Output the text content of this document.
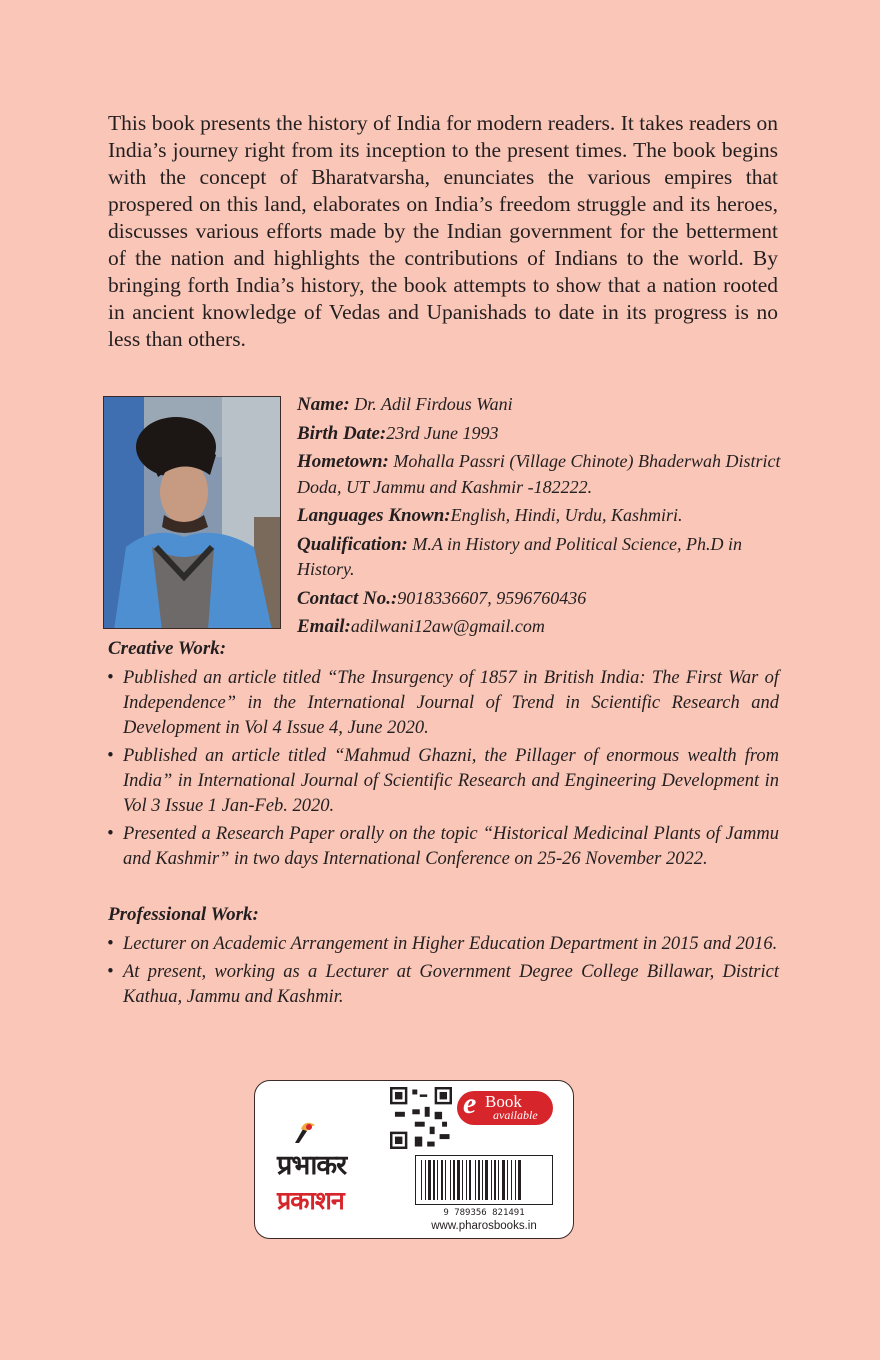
This book presents the history of India for modern readers. It takes readers on India’s journey right from its inception to the present times. The book begins with the concept of Bharatvarsha, enunciates the various empires that prospered on this land, elaborates on India’s freedom struggle and its heroes, discusses various efforts made by the Indian government for the betterment of the nation and highlights the contributions of Indians to the world. By bringing forth India’s history, the book attempts to show that a nation rooted in ancient knowledge of Vedas and Upanishads to date in its progress is no less than others.

Name: Dr. Adil Firdous Wani
Birth Date:23rd June 1993
Hometown: Mohalla Passri (Village Chinote) Bhaderwah District Doda, UT Jammu and Kashmir -182222.
Languages Known:English, Hindi, Urdu, Kashmiri.
Qualification: M.A in History and Political Science, Ph.D in History.
Contact No.:9018336607, 9596760436
Email:adilwani12aw@gmail.com

Creative Work:

• Published an article titled “The Insurgency of 1857 in British India: The First War of Independence” in the International Journal of Trend in Scientific Research and Development in Vol 4 Issue 4, June 2020.
• Published an article titled “Mahmud Ghazni, the Pillager of enormous wealth from India” in International Journal of Scientific Research and Engineering Development in Vol 3 Issue 1 Jan-Feb. 2020.
• Presented a Research Paper orally on the topic “Historical Medicinal Plants of Jammu and Kashmir” in two days International Conference on 25-26 November 2022.

Professional Work:

• Lecturer on Academic Arrangement in Higher Education Department in 2015 and 2016.
• At present, working as a Lecturer at Government Degree College Billawar, District Kathua, Jammu and Kashmir.
प्रभाकर
प्रकाशन
e Book
available
9 789356 821491
www.pharosbooks.in
